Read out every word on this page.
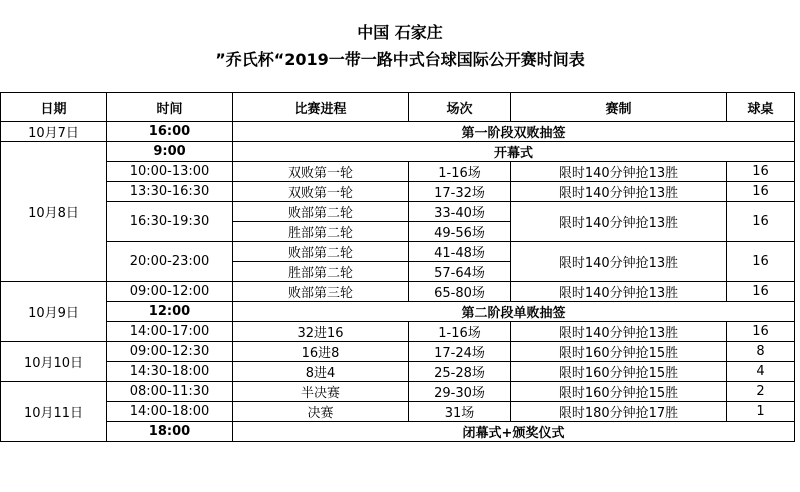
中国 石家庄
”乔氏杯“2019一带一路中式台球国际公开赛时间表
日期	时间	比赛进程	场次	赛制	球桌
10月7日	16:00	第一阶段双败抽签			
10月8日	9:00	开幕式			
	10:00-13:00	双败第一轮	1-16场	限时140分钟抢13胜	16
	13:30-16:30	双败第一轮	17-32场	限时140分钟抢13胜	16
	16:30-19:30	败部第二轮	33-40场	限时140分钟抢13胜	16
		胜部第二轮	49-56场		
	20:00-23:00	败部第二轮	41-48场	限时140分钟抢13胜	16
		胜部第二轮	57-64场		
10月9日	09:00-12:00	败部第三轮	65-80场	限时140分钟抢13胜	16
	12:00	第二阶段单败抽签			
	14:00-17:00	32进16	1-16场	限时140分钟抢13胜	16
10月10日	09:00-12:30	16进8	17-24场	限时160分钟抢15胜	8
	14:30-18:00	8进4	25-28场	限时160分钟抢15胜	4
10月11日	08:00-11:30	半决赛	29-30场	限时160分钟抢15胜	2
	14:00-18:00	决赛	31场	限时180分钟抢17胜	1
	18:00	闭幕式+颁奖仪式			
